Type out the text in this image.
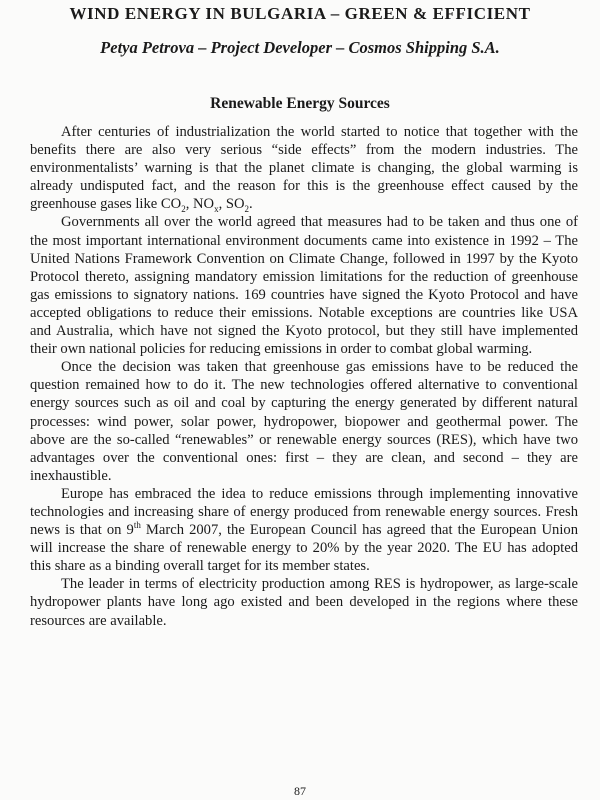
WIND ENERGY IN BULGARIA – GREEN & EFFICIENT
Petya Petrova – Project Developer – Cosmos Shipping S.A.
Renewable Energy Sources

After centuries of industrialization the world started to notice that together with the benefits there are also very serious “side effects” from the modern industries. The environmentalists’ warning is that the planet climate is changing, the global warming is already undisputed fact, and the reason for this is the greenhouse effect caused by the greenhouse gases like $CO_2$, $NO_x$, $SO_2$.

Governments all over the world agreed that measures had to be taken and thus one of the most important international environment documents came into existence in 1992 – The United Nations Framework Convention on Climate Change, followed in 1997 by the Kyoto Protocol thereto, assigning mandatory emission limitations for the reduction of greenhouse gas emissions to signatory nations. 169 countries have signed the Kyoto Protocol and have accepted obligations to reduce their emissions. Notable exceptions are countries like USA and Australia, which have not signed the Kyoto protocol, but they still have implemented their own national policies for reducing emissions in order to combat global warming.

Once the decision was taken that greenhouse gas emissions have to be reduced the question remained how to do it. The new technologies offered alternative to conventional energy sources such as oil and coal by capturing the energy generated by different natural processes: wind power, solar power, hydropower, biopower and geothermal power. The above are the so-called “renewables” or renewable energy sources (RES), which have two advantages over the conventional ones: first – they are clean, and second – they are inexhaustible.

Europe has embraced the idea to reduce emissions through implementing innovative technologies and increasing share of energy produced from renewable energy sources. Fresh news is that on 9th March 2007, the European Council has agreed that the European Union will increase the share of renewable energy to 20% by the year 2020. The EU has adopted this share as a binding overall target for its member states.

The leader in terms of electricity production among RES is hydropower, as large-scale hydropower plants have long ago existed and been developed in the regions where these resources are available.

87
